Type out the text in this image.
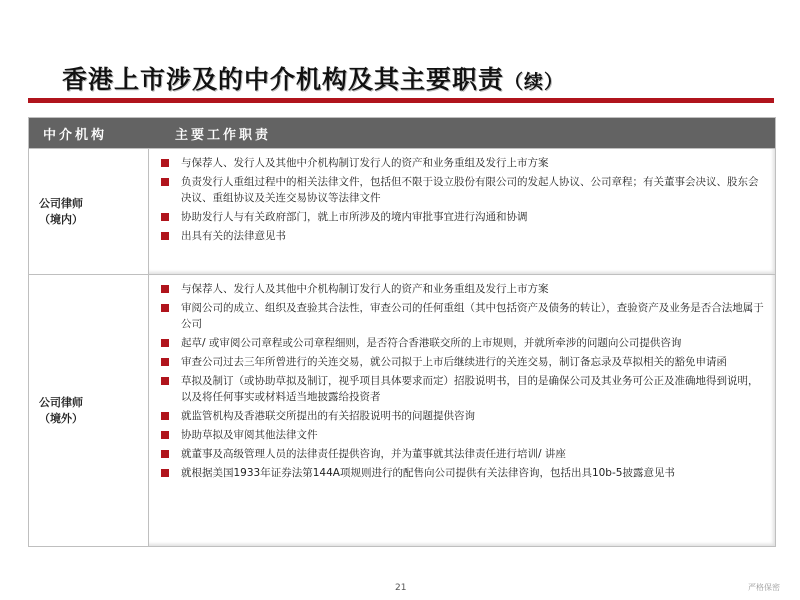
香港上市涉及的中介机构及其主要职责（续）
中介机构	主要工作职责
公司律师
（境内）
与保荐人、发行人及其他中介机构制订发行人的资产和业务重组及发行上市方案
负责发行人重组过程中的相关法律文件，包括但不限于设立股份有限公司的发起人协议、公司章程；有关董事会决议、股东会决议、重组协议及关连交易协议等法律文件
协助发行人与有关政府部门，就上市所涉及的境内审批事宜进行沟通和协调
出具有关的法律意见书
公司律师
（境外）
与保荐人、发行人及其他中介机构制订发行人的资产和业务重组及发行上市方案
审阅公司的成立、组织及查验其合法性，审查公司的任何重组（其中包括资产及债务的转让），查验资产及业务是否合法地属于公司
起草/ 或审阅公司章程或公司章程细则，是否符合香港联交所的上市规则，并就所牵涉的问题向公司提供咨询
审查公司过去三年所曾进行的关连交易，就公司拟于上市后继续进行的关连交易，制订备忘录及草拟相关的豁免申请函
草拟及制订（或协助草拟及制订，视乎项目具体要求而定）招股说明书，目的是确保公司及其业务可公正及准确地得到说明，以及将任何事实或材料适当地披露给投资者
就监管机构及香港联交所提出的有关招股说明书的问题提供咨询
协助草拟及审阅其他法律文件
就董事及高级管理人员的法律责任提供咨询，并为董事就其法律责任进行培训/ 讲座
就根据美国1933年证券法第144A项规则进行的配售向公司提供有关法律咨询，包括出具10b-5披露意见书
21	严格保密
